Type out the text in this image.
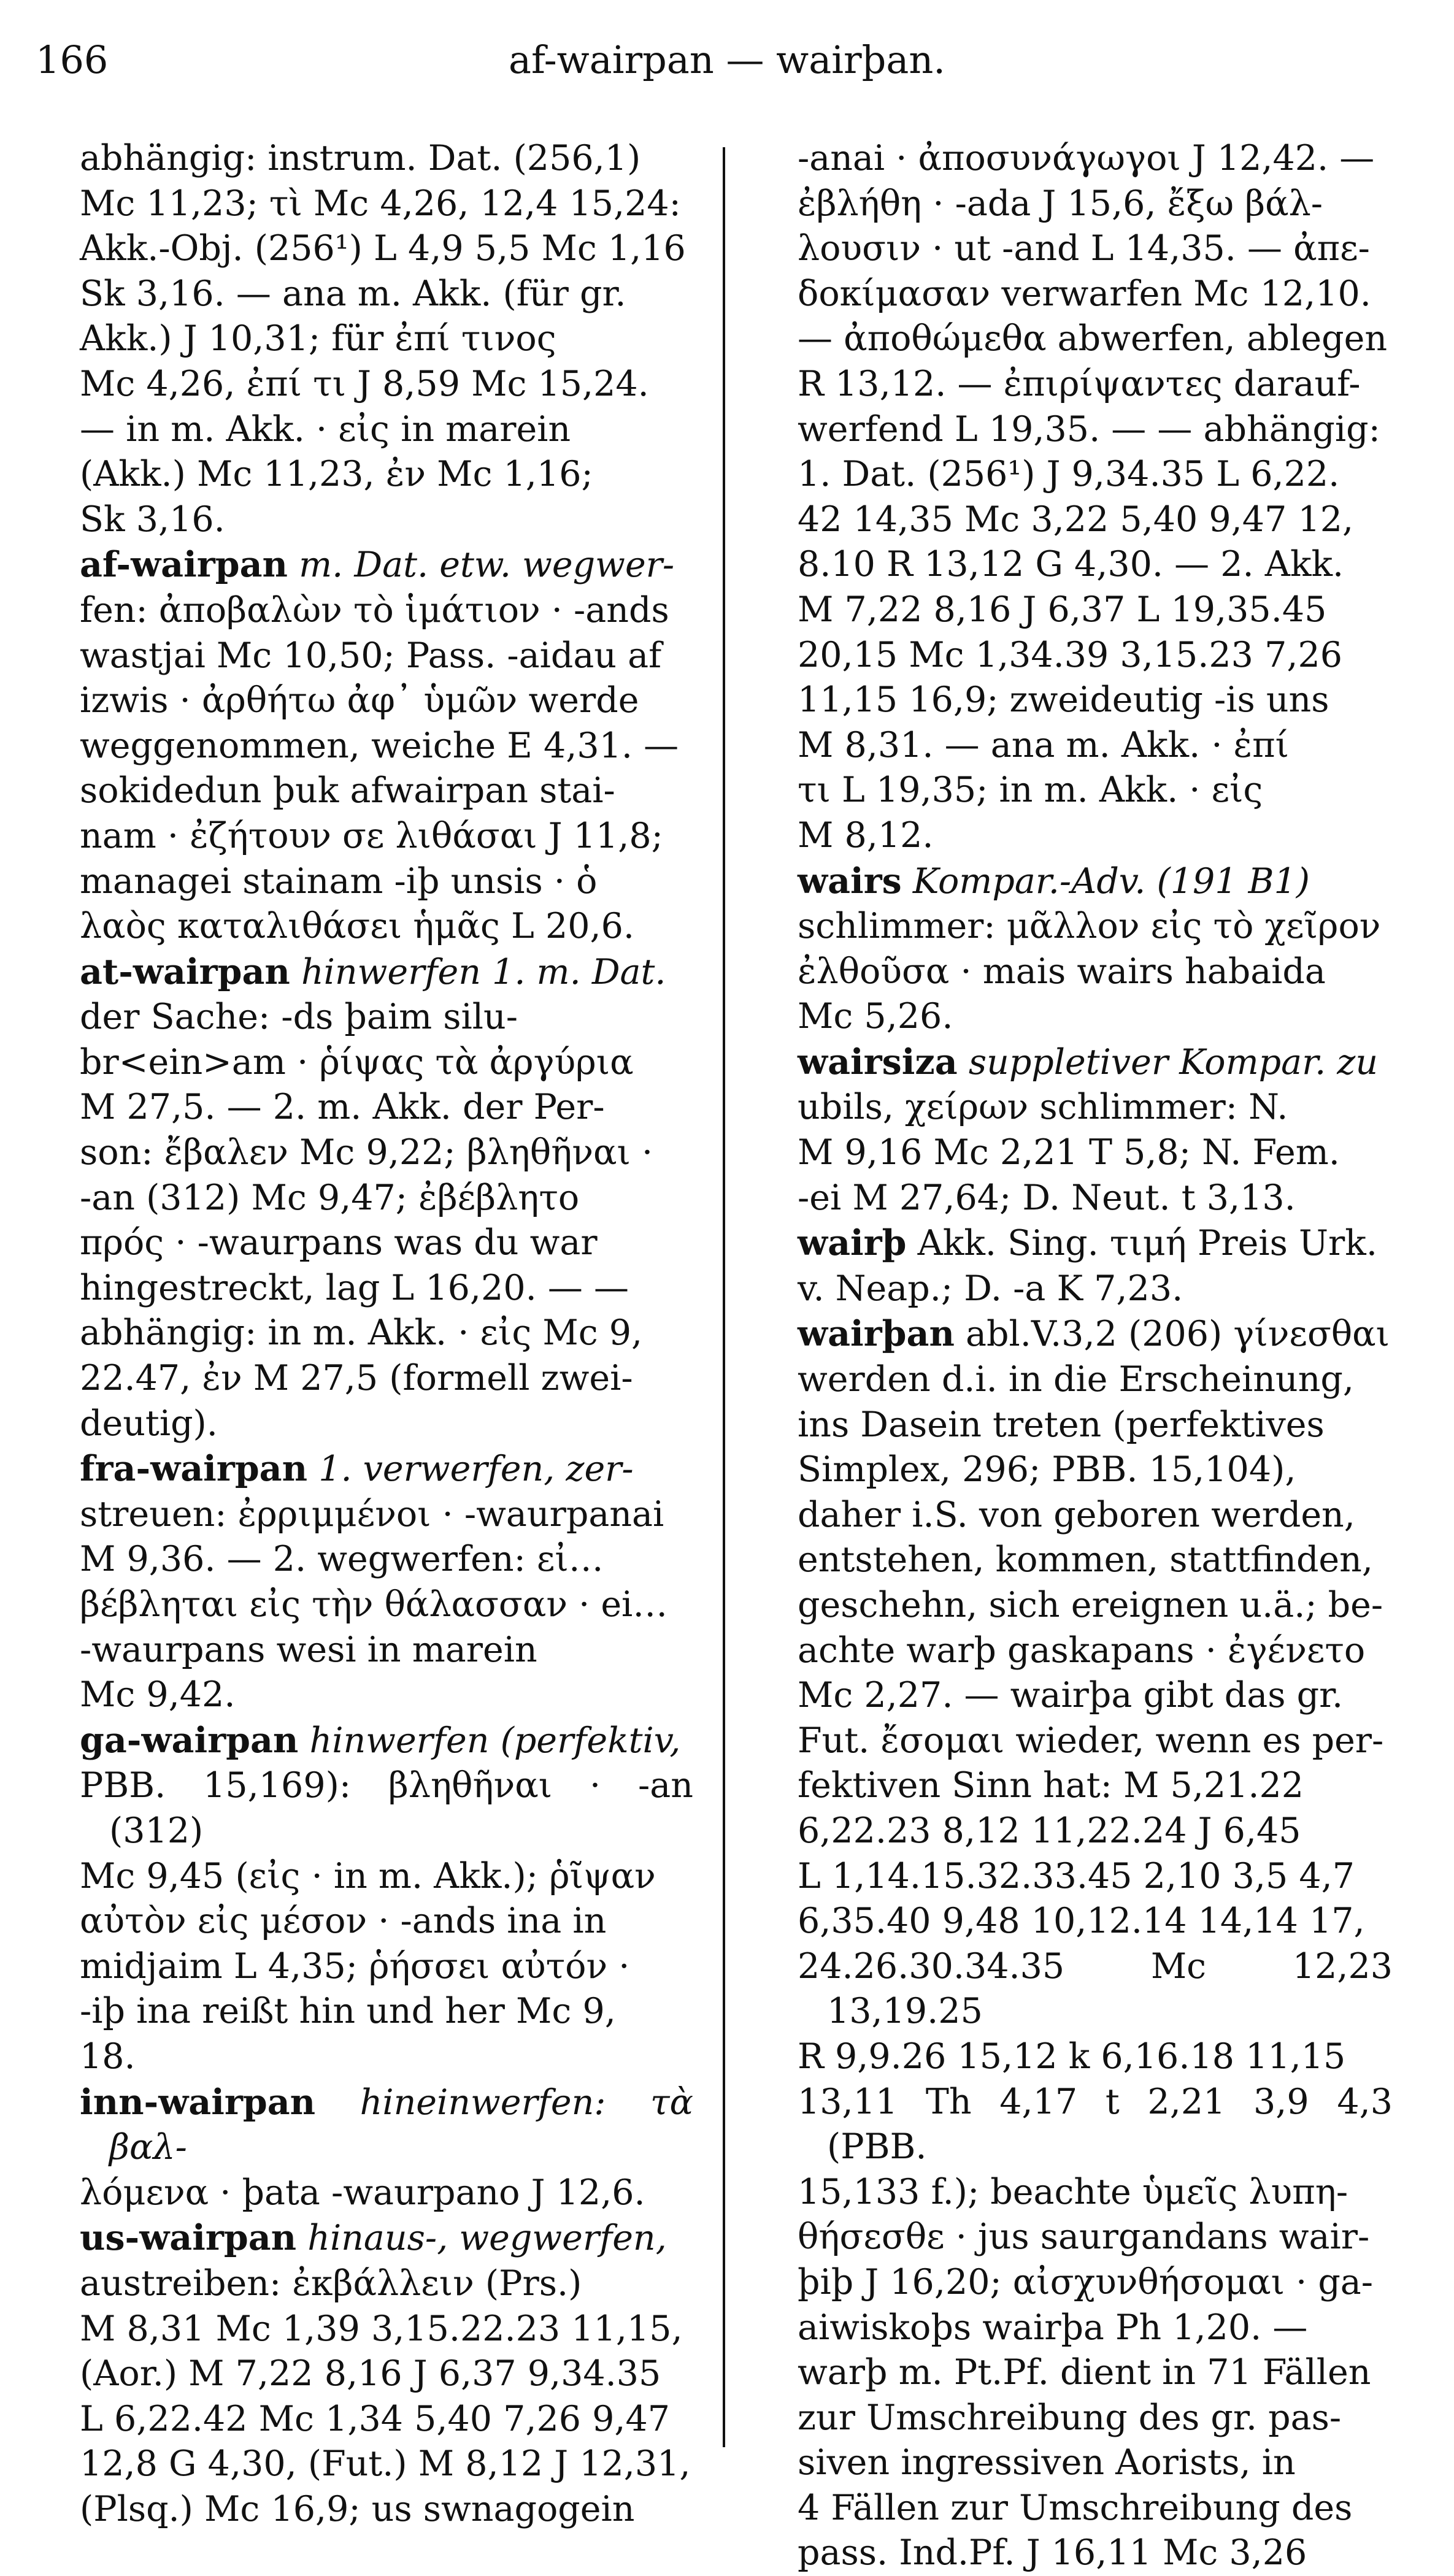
166	af-wairpan — wairþan.
abhängig: instrum. Dat. (256,1)
Mc 11,23; τὶ Mc 4,26, 12,4 15,24:
Akk.-Obj. (256¹) L 4,9 5,5 Mc 1,16
Sk 3,16. — ana m. Akk. (für gr.
Akk.) J 10,31; für ἐπί τινος
Mc 4,26, ἐπί τι J 8,59 Mc 15,24.
— in m. Akk. · εἰς in marein
(Akk.) Mc 11,23, ἐν Mc 1,16;
Sk 3,16.
af-wairpan m. Dat. etw. wegwer-
fen: ἀποβαλὼν τὸ ἱμάτιον · -ands
wastjai Mc 10,50; Pass. -aidau af
izwis · ἀρθήτω ἀφ᾽ ὑμῶν werde
weggenommen, weiche E 4,31. —
sokidedun þuk afwairpan stai-
nam · ἐζήτουν σε λιθάσαι J 11,8;
managei stainam -iþ unsis · ὁ
λαὸς καταλιθάσει ἡμᾶς L 20,6.
at-wairpan hinwerfen 1. m. Dat.
der Sache: -ds þaim silu-
br<ein>am · ῥίψας τὰ ἀργύρια
M 27,5. — 2. m. Akk. der Per-
son: ἔβαλεν Mc 9,22; βληθῆναι ·
-an (312) Mc 9,47; ἐβέβλητο
πρός · -waurpans was du war
hingestreckt, lag L 16,20. — —
abhängig: in m. Akk. · εἰς Mc 9,
22.47, ἐν M 27,5 (formell zwei-
deutig).
fra-wairpan 1. verwerfen, zer-
streuen: ἐρριμμένοι · -waurpanai
M 9,36. — 2. wegwerfen: εἰ…
βέβληται εἰς τὴν θάλασσαν · ei…
-waurpans wesi in marein
Mc 9,42.
ga-wairpan hinwerfen (perfektiv,
PBB. 15,169): βληθῆναι · -an (312)
Mc 9,45 (εἰς · in m. Akk.); ῥῖψαν
αὐτὸν εἰς μέσον · -ands ina in
midjaim L 4,35; ῥήσσει αὐτόν ·
-iþ ina reißt hin und her Mc 9,
18.
inn-wairpan hineinwerfen: τὰ βαλ-
λόμενα · þata -waurpano J 12,6.
us-wairpan hinaus-, wegwerfen,
austreiben: ἐκβάλλειν (Prs.)
M 8,31 Mc 1,39 3,15.22.23 11,15,
(Aor.) M 7,22 8,16 J 6,37 9,34.35
L 6,22.42 Mc 1,34 5,40 7,26 9,47
12,8 G 4,30, (Fut.) M 8,12 J 12,31,
(Plsq.) Mc 16,9; us swnagogein
-anai · ἀποσυνάγωγοι J 12,42. —
ἐβλήθη · -ada J 15,6, ἔξω βάλ-
λουσιν · ut -and L 14,35. — ἀπε-
δοκίμασαν verwarfen Mc 12,10.
— ἀποθώμεθα abwerfen, ablegen
R 13,12. — ἐπιρίψαντες darauf-
werfend L 19,35. — — abhängig:
1. Dat. (256¹) J 9,34.35 L 6,22.
42 14,35 Mc 3,22 5,40 9,47 12,
8.10 R 13,12 G 4,30. — 2. Akk.
M 7,22 8,16 J 6,37 L 19,35.45
20,15 Mc 1,34.39 3,15.23 7,26
11,15 16,9; zweideutig -is uns
M 8,31. — ana m. Akk. · ἐπί
τι L 19,35; in m. Akk. · εἰς
M 8,12.
wairs Kompar.-Adv. (191 B1)
schlimmer: μᾶλλον εἰς τὸ χεῖρον
ἐλθοῦσα · mais wairs habaida
Mc 5,26.
wairsiza suppletiver Kompar. zu
ubils, χείρων schlimmer: N.
M 9,16 Mc 2,21 T 5,8; N. Fem.
-ei M 27,64; D. Neut. t 3,13.
wairþ Akk. Sing. τιμή Preis Urk.
v. Neap.; D. -a K 7,23.
wairþan abl.V.3,2 (206) γίνεσθαι
werden d.i. in die Erscheinung,
ins Dasein treten (perfektives
Simplex, 296; PBB. 15,104),
daher i.S. von geboren werden,
entstehen, kommen, stattfinden,
geschehn, sich ereignen u.ä.; be-
achte warþ gaskapans · ἐγένετο
Mc 2,27. — wairþa gibt das gr.
Fut. ἔσομαι wieder, wenn es per-
fektiven Sinn hat: M 5,21.22
6,22.23 8,12 11,22.24 J 6,45
L 1,14.15.32.33.45 2,10 3,5 4,7
6,35.40 9,48 10,12.14 14,14 17,
24.26.30.34.35 Mc 12,23 13,19.25
R 9,9.26 15,12 k 6,16.18 11,15
13,11 Th 4,17 t 2,21 3,9 4,3 (PBB.
15,133 f.); beachte ὑμεῖς λυπη-
θήσεσθε · jus saurgandans wair-
þiþ J 16,20; αἰσχυνθήσομαι · ga-
aiwiskoþs wairþa Ph 1,20. —
warþ m. Pt.Pf. dient in 71 Fällen
zur Umschreibung des gr. pas-
siven ingressiven Aorists, in
4 Fällen zur Umschreibung des
pass. Ind.Pf. J 16,11 Mc 3,26
